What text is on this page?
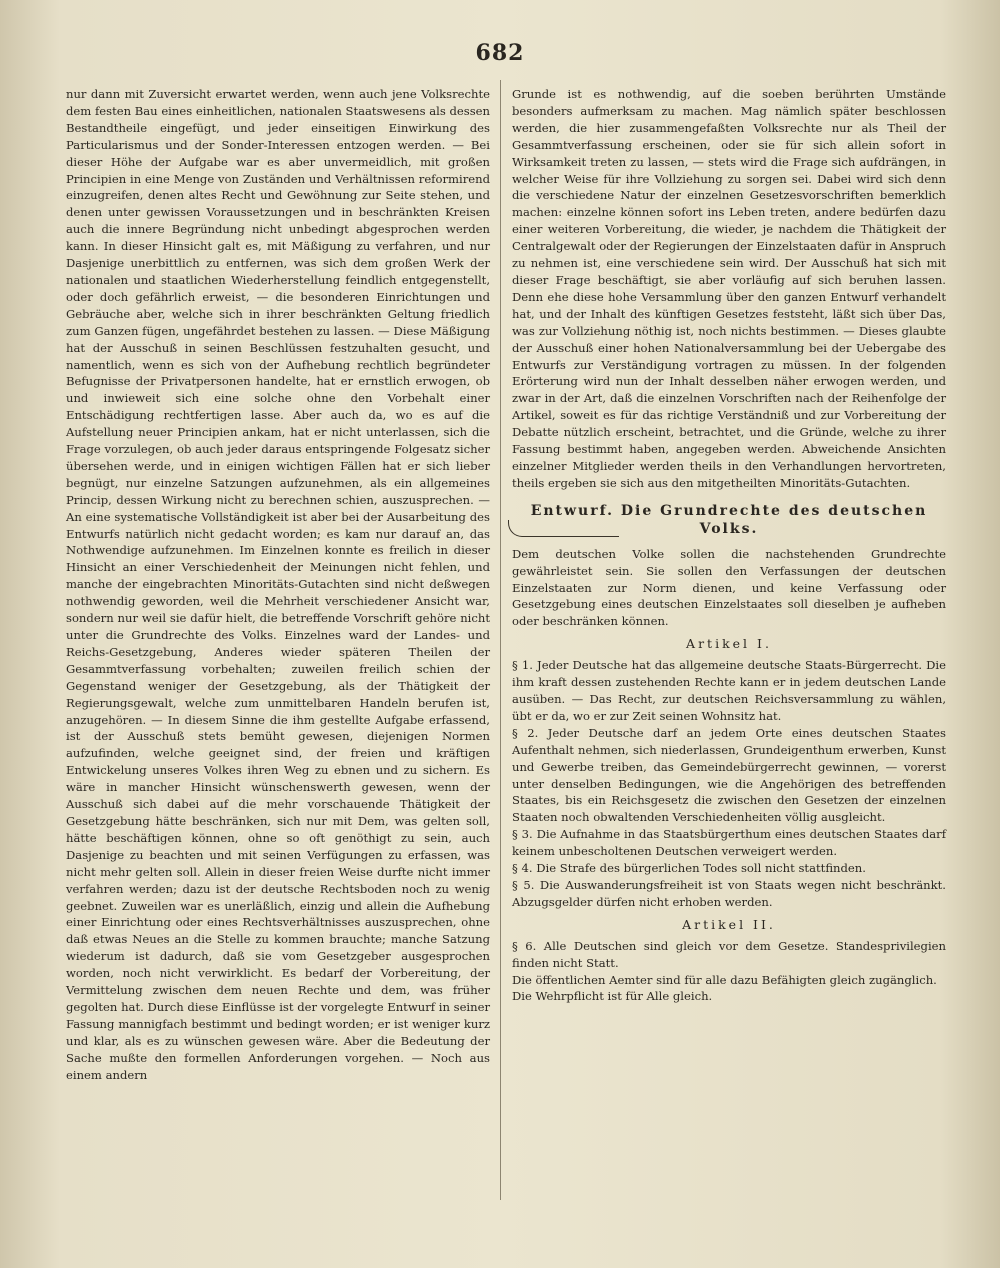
682

nur dann mit Zuversicht erwartet werden, wenn auch jene Volksrechte dem festen Bau eines einheitlichen, nationalen Staatswesens als dessen Bestandtheile eingefügt, und jeder einseitigen Einwirkung des Particularismus und der Sonder-Interessen entzogen werden. — Bei dieser Höhe der Aufgabe war es aber unvermeidlich, mit großen Principien in eine Menge von Zuständen und Verhältnissen reformirend einzugreifen, denen altes Recht und Gewöhnung zur Seite stehen, und denen unter gewissen Voraussetzungen und in beschränkten Kreisen auch die innere Begründung nicht unbedingt abgesprochen werden kann. In dieser Hinsicht galt es, mit Mäßigung zu verfahren, und nur Dasjenige unerbittlich zu entfernen, was sich dem großen Werk der nationalen und staatlichen Wiederherstellung feindlich entgegenstellt, oder doch gefährlich erweist, — die besonderen Einrichtungen und Gebräuche aber, welche sich in ihrer beschränkten Geltung friedlich zum Ganzen fügen, ungefährdet bestehen zu lassen. — Diese Mäßigung hat der Ausschuß in seinen Beschlüssen festzuhalten gesucht, und namentlich, wenn es sich von der Aufhebung rechtlich begründeter Befugnisse der Privatpersonen handelte, hat er ernstlich erwogen, ob und inwieweit sich eine solche ohne den Vorbehalt einer Entschädigung rechtfertigen lasse. Aber auch da, wo es auf die Aufstellung neuer Principien ankam, hat er nicht unterlassen, sich die Frage vorzulegen, ob auch jeder daraus entspringende Folgesatz sicher übersehen werde, und in einigen wichtigen Fällen hat er sich lieber begnügt, nur einzelne Satzungen aufzunehmen, als ein allgemeines Princip, dessen Wirkung nicht zu berechnen schien, auszusprechen. — An eine systematische Vollständigkeit ist aber bei der Ausarbeitung des Entwurfs natürlich nicht gedacht worden; es kam nur darauf an, das Nothwendige aufzunehmen. Im Einzelnen konnte es freilich in dieser Hinsicht an einer Verschiedenheit der Meinungen nicht fehlen, und manche der eingebrachten Minoritäts-Gutachten sind nicht deßwegen nothwendig geworden, weil die Mehrheit verschiedener Ansicht war, sondern nur weil sie dafür hielt, die betreffende Vorschrift gehöre nicht unter die Grundrechte des Volks. Einzelnes ward der Landes- und Reichs-Gesetzgebung, Anderes wieder späteren Theilen der Gesammtverfassung vorbehalten; zuweilen freilich schien der Gegenstand weniger der Gesetzgebung, als der Thätigkeit der Regierungsgewalt, welche zum unmittelbaren Handeln berufen ist, anzugehören. — In diesem Sinne die ihm gestellte Aufgabe erfassend, ist der Ausschuß stets bemüht gewesen, diejenigen Normen aufzufinden, welche geeignet sind, der freien und kräftigen Entwickelung unseres Volkes ihren Weg zu ebnen und zu sichern. Es wäre in mancher Hinsicht wünschenswerth gewesen, wenn der Ausschuß sich dabei auf die mehr vorschauende Thätigkeit der Gesetzgebung hätte beschränken, sich nur mit Dem, was gelten soll, hätte beschäftigen können, ohne so oft genöthigt zu sein, auch Dasjenige zu beachten und mit seinen Verfügungen zu erfassen, was nicht mehr gelten soll. Allein in dieser freien Weise durfte nicht immer verfahren werden; dazu ist der deutsche Rechtsboden noch zu wenig geebnet. Zuweilen war es unerläßlich, einzig und allein die Aufhebung einer Einrichtung oder eines Rechtsverhältnisses auszusprechen, ohne daß etwas Neues an die Stelle zu kommen brauchte; manche Satzung wiederum ist dadurch, daß sie vom Gesetzgeber ausgesprochen worden, noch nicht verwirklicht. Es bedarf der Vorbereitung, der Vermittelung zwischen dem neuen Rechte und dem, was früher gegolten hat. Durch diese Einflüsse ist der vorgelegte Entwurf in seiner Fassung mannigfach bestimmt und bedingt worden; er ist weniger kurz und klar, als es zu wünschen gewesen wäre. Aber die Bedeutung der Sache mußte den formellen Anforderungen vorgehen. — Noch aus einem andern

Grunde ist es nothwendig, auf die soeben berührten Umstände besonders aufmerksam zu machen. Mag nämlich später beschlossen werden, die hier zusammengefaßten Volksrechte nur als Theil der Gesammtverfassung erscheinen, oder sie für sich allein sofort in Wirksamkeit treten zu lassen, — stets wird die Frage sich aufdrängen, in welcher Weise für ihre Vollziehung zu sorgen sei. Dabei wird sich denn die verschiedene Natur der einzelnen Gesetzesvorschriften bemerklich machen: einzelne können sofort ins Leben treten, andere bedürfen dazu einer weiteren Vorbereitung, die wieder, je nachdem die Thätigkeit der Centralgewalt oder der Regierungen der Einzelstaaten dafür in Anspruch zu nehmen ist, eine verschiedene sein wird. Der Ausschuß hat sich mit dieser Frage beschäftigt, sie aber vorläufig auf sich beruhen lassen. Denn ehe diese hohe Versammlung über den ganzen Entwurf verhandelt hat, und der Inhalt des künftigen Gesetzes feststeht, läßt sich über Das, was zur Vollziehung nöthig ist, noch nichts bestimmen. — Dieses glaubte der Ausschuß einer hohen Nationalversammlung bei der Uebergabe des Entwurfs zur Verständigung vortragen zu müssen. In der folgenden Erörterung wird nun der Inhalt desselben näher erwogen werden, und zwar in der Art, daß die einzelnen Vorschriften nach der Reihenfolge der Artikel, soweit es für das richtige Verständniß und zur Vorbereitung der Debatte nützlich erscheint, betrachtet, und die Gründe, welche zu ihrer Fassung bestimmt haben, angegeben werden. Abweichende Ansichten einzelner Mitglieder werden theils in den Verhandlungen hervortreten, theils ergeben sie sich aus den mitgetheilten Minoritäts-Gutachten.

Entwurf. Die Grundrechte des deutschen Volks.

Dem deutschen Volke sollen die nachstehenden Grundrechte gewährleistet sein. Sie sollen den Verfassungen der deutschen Einzelstaaten zur Norm dienen, und keine Verfassung oder Gesetzgebung eines deutschen Einzelstaates soll dieselben je aufheben oder beschränken können.

Artikel I.

§ 1. Jeder Deutsche hat das allgemeine deutsche Staats-Bürgerrecht. Die ihm kraft dessen zustehenden Rechte kann er in jedem deutschen Lande ausüben. — Das Recht, zur deutschen Reichsversammlung zu wählen, übt er da, wo er zur Zeit seinen Wohnsitz hat.

§ 2. Jeder Deutsche darf an jedem Orte eines deutschen Staates Aufenthalt nehmen, sich niederlassen, Grundeigenthum erwerben, Kunst und Gewerbe treiben, das Gemeindebürgerrecht gewinnen, — vorerst unter denselben Bedingungen, wie die Angehörigen des betreffenden Staates, bis ein Reichsgesetz die zwischen den Gesetzen der einzelnen Staaten noch obwaltenden Verschiedenheiten völlig ausgleicht.

§ 3. Die Aufnahme in das Staatsbürgerthum eines deutschen Staates darf keinem unbescholtenen Deutschen verweigert werden.

§ 4. Die Strafe des bürgerlichen Todes soll nicht stattfinden.

§ 5. Die Auswanderungsfreiheit ist von Staats wegen nicht beschränkt. Abzugsgelder dürfen nicht erhoben werden.

Artikel II.

§ 6. Alle Deutschen sind gleich vor dem Gesetze. Standesprivilegien finden nicht Statt.

Die öffentlichen Aemter sind für alle dazu Befähigten gleich zugänglich.

Die Wehrpflicht ist für Alle gleich.
